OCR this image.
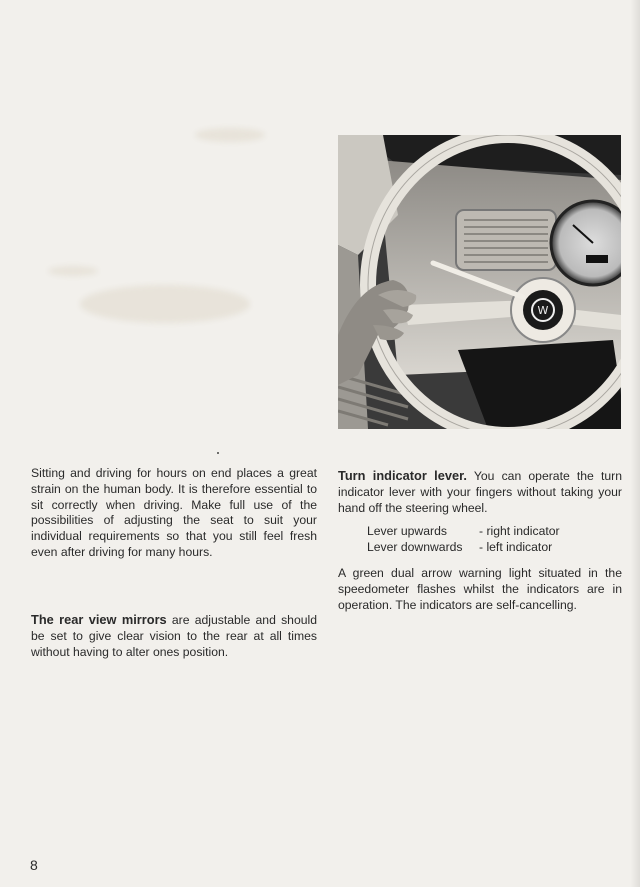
W

Sitting and driving for hours on end places a great strain on the human body. It is therefore essential to sit correctly when driving. Make full use of the possibilities of adjusting the seat to suit your individual requirements so that you still feel fresh even after driving for many hours.

The rear view mirrors are adjustable and should be set to give clear vision to the rear at all times without having to alter ones position.

Turn indicator lever. You can operate the turn indicator lever with your fingers without taking your hand off the steering wheel.

Lever upwards	- right indicator
Lever downwards	- left indicator

A green dual arrow warning light situated in the speedometer flashes whilst the indicators are in operation. The indicators are self-cancelling.

8
